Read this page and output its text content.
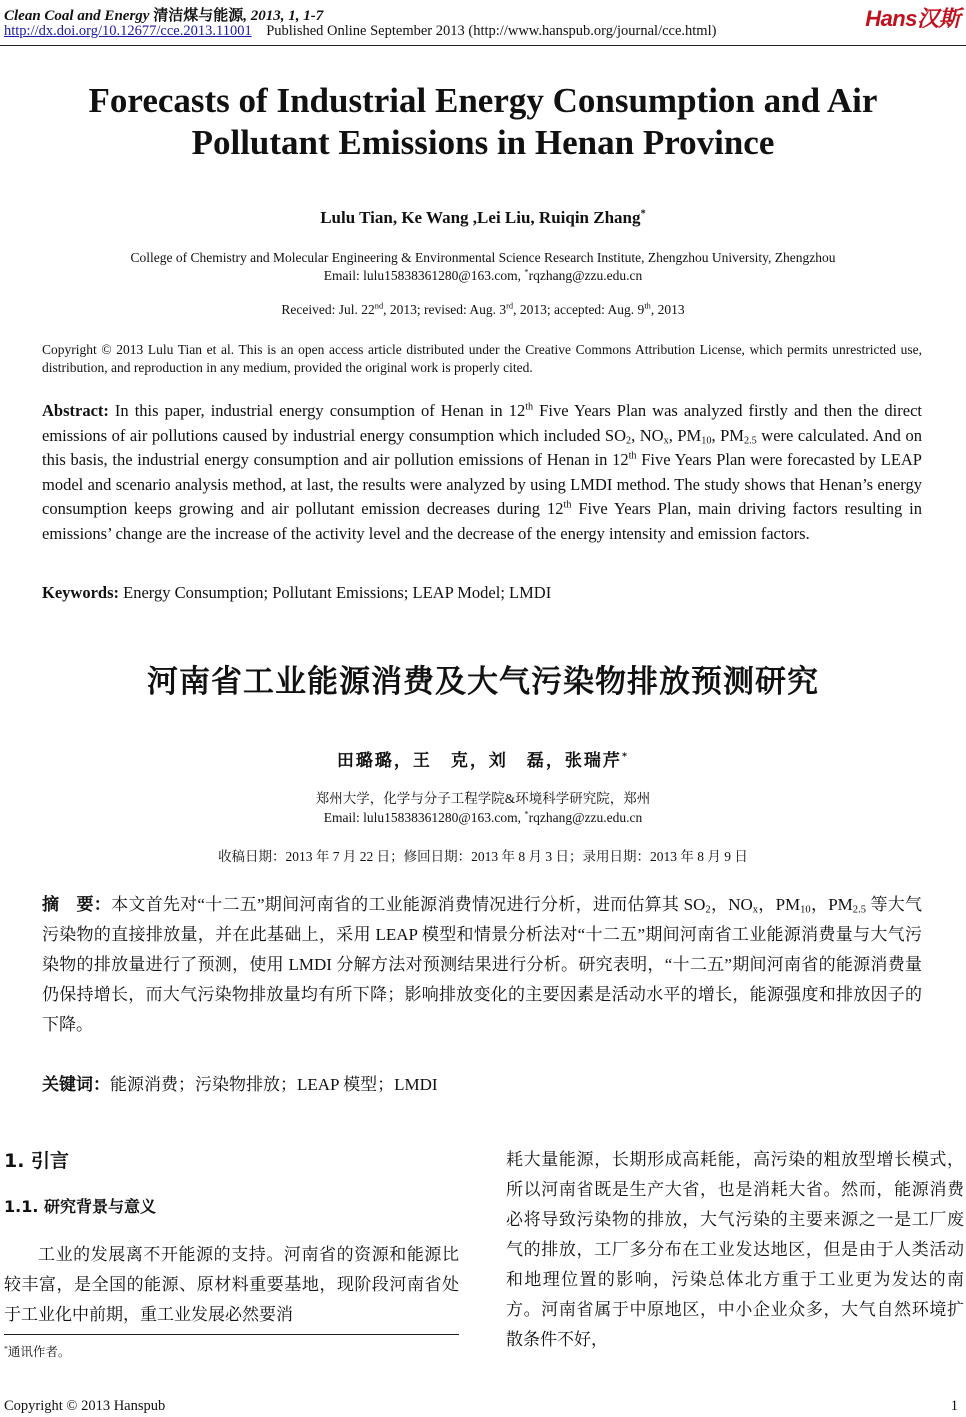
Clean Coal and Energy 清洁煤与能源, 2013, 1, 1-7	Hans汉斯
http://dx.doi.org/10.12677/cce.2013.11001 Published Online September 2013 (http://www.hanspub.org/journal/cce.html)
Forecasts of Industrial Energy Consumption and Air
Pollutant Emissions in Henan Province
Lulu Tian, Ke Wang ,Lei Liu, Ruiqin Zhang*
College of Chemistry and Molecular Engineering & Environmental Science Research Institute, Zhengzhou University, Zhengzhou
Email: lulu15838361280@163.com, *rqzhang@zzu.edu.cn
Received: Jul. 22nd, 2013; revised: Aug. 3rd, 2013; accepted: Aug. 9th, 2013
Copyright © 2013 Lulu Tian et al. This is an open access article distributed under the Creative Commons Attribution License, which permits unrestricted use, distribution, and reproduction in any medium, provided the original work is properly cited.
Abstract: In this paper, industrial energy consumption of Henan in 12th Five Years Plan was analyzed firstly and then the direct emissions of air pollutions caused by industrial energy consumption which included $SO_2$, $NO_x$, $PM_{10}$, $PM_{2.5}$ were calculated. And on this basis, the industrial energy consumption and air pollution emissions of Henan in 12th Five Years Plan were forecasted by LEAP model and scenario analysis method, at last, the results were analyzed by using LMDI method. The study shows that Henan’s energy consumption keeps growing and air pollutant emission decreases during 12th Five Years Plan, main driving factors resulting in emissions’ change are the increase of the activity level and the decrease of the energy intensity and emission factors.
Keywords: Energy Consumption; Pollutant Emissions; LEAP Model; LMDI
河南省工业能源消费及大气污染物排放预测研究
田璐璐，王　克，刘　磊，张瑞芹*
郑州大学，化学与分子工程学院&环境科学研究院，郑州
Email: lulu15838361280@163.com, *rqzhang@zzu.edu.cn
收稿日期：2013 年 7 月 22 日；修回日期：2013 年 8 月 3 日；录用日期：2013 年 8 月 9 日
摘　要：本文首先对“十二五”期间河南省的工业能源消费情况进行分析，进而估算其 $SO_2$，$NO_x$，$PM_{10}$，$PM_{2.5}$ 等大气污染物的直接排放量，并在此基础上，采用 LEAP 模型和情景分析法对“十二五”期间河南省工业能源消费量与大气污染物的排放量进行了预测，使用 LMDI 分解方法对预测结果进行分析。研究表明，“十二五”期间河南省的能源消费量仍保持增长，而大气污染物排放量均有所下降；影响排放变化的主要因素是活动水平的增长，能源强度和排放因子的下降。
关键词：能源消费；污染物排放；LEAP 模型；LMDI
1. 引言
1.1. 研究背景与意义
工业的发展离不开能源的支持。河南省的资源和能源比较丰富，是全国的能源、原材料重要基地，现阶段河南省处于工业化中前期，重工业发展必然要消
耗大量能源，长期形成高耗能，高污染的粗放型增长模式，所以河南省既是生产大省，也是消耗大省。然而，能源消费必将导致污染物的排放，大气污染的主要来源之一是工厂废气的排放，工厂多分布在工业发达地区，但是由于人类活动和地理位置的影响，污染总体北方重于工业更为发达的南方。河南省属于中原地区，中小企业众多，大气自然环境扩散条件不好，
*通讯作者。
Copyright © 2013 Hanspub	1
